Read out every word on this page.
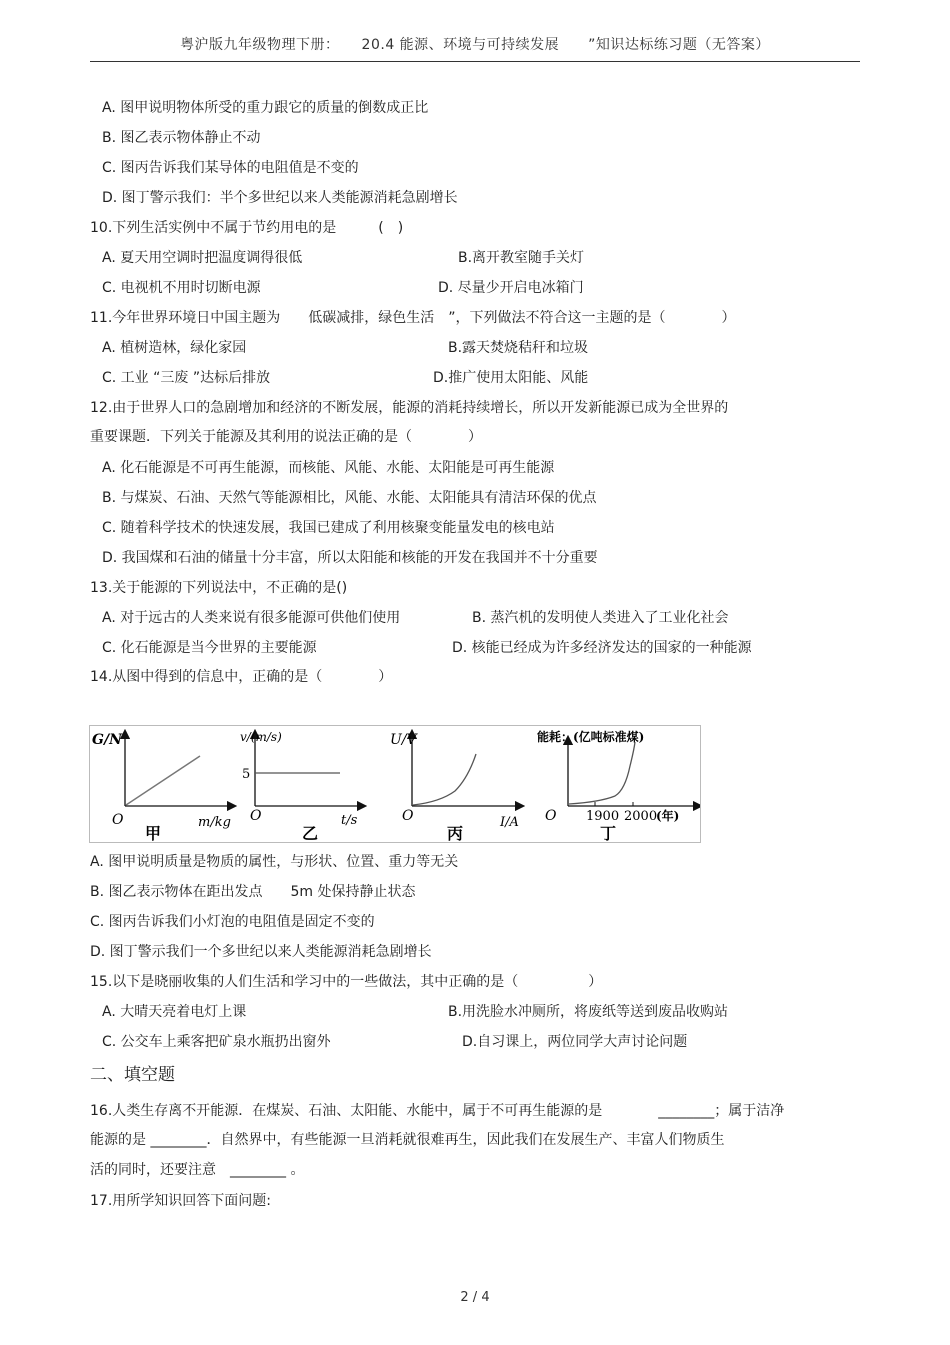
粤沪版九年级物理下册：　　20.4 能源、环境与可持续发展　　”知识达标练习题（无答案）
A. 图甲说明物体所受的重力跟它的质量的倒数成正比
B. 图乙表示物体静止不动
C. 图丙告诉我们某导体的电阻值是不变的
D. 图丁警示我们：半个多世纪以来人类能源消耗急剧增长
10.下列生活实例中不属于节约用电的是　　　(　)
A. 夏天用空调时把温度调得很低	B.离开教室随手关灯
C. 电视机不用时切断电源	D. 尽量少开启电冰箱门
11.今年世界环境日中国主题为　　低碳减排，绿色生活　”，下列做法不符合这一主题的是（　　　　）
A. 植树造林，绿化家园	B.露天焚烧秸秆和垃圾
C. 工业 “三废 ”达标后排放	D.推广使用太阳能、风能
12.由于世界人口的急剧增加和经济的不断发展，能源的消耗持续增长，所以开发新能源已成为全世界的
重要课题．下列关于能源及其利用的说法正确的是（　　　　）
A. 化石能源是不可再生能源，而核能、风能、水能、太阳能是可再生能源
B. 与煤炭、石油、天然气等能源相比，风能、水能、太阳能具有清洁环保的优点
C. 随着科学技术的快速发展，我国已建成了利用核聚变能量发电的核电站
D. 我国煤和石油的储量十分丰富，所以太阳能和核能的开发在我国并不十分重要
13.关于能源的下列说法中，不正确的是()
A. 对于远古的人类来说有很多能源可供他们使用	B. 蒸汽机的发明使人类进入了工业化社会
C. 化石能源是当今世界的主要能源	D. 核能已经成为许多经济发达的国家的一种能源
14.从图中得到的信息中，正确的是（　　　　）
G/N
O	m/kg
甲
v/(m/s)
5
O	t/s
乙
U/V
O	I/A
丙
能耗：(亿吨标准煤)
O 1900 2000
(年)
丁
A. 图甲说明质量是物质的属性，与形状、位置、重力等无关
B. 图乙表示物体在距出发点　　5m 处保持静止状态
C. 图丙告诉我们小灯泡的电阻值是固定不变的
D. 图丁警示我们一个多世纪以来人类能源消耗急剧增长
15.以下是晓丽收集的人们生活和学习中的一些做法，其中正确的是（　　　　　）
A. 大晴天亮着电灯上课	B.用洗脸水冲厕所，将废纸等送到废品收购站
C. 公交车上乘客把矿泉水瓶扔出窗外	D.自习课上，两位同学大声讨论问题
二、填空题
16.人类生存离不开能源．在煤炭、石油、太阳能、水能中，属于不可再生能源的是　　　　________；属于洁净
能源的是 ________．自然界中，有些能源一旦消耗就很难再生，因此我们在发展生产、丰富人们物质生
活的同时，还要注意　________ 。
17.用所学知识回答下面问题:
2 / 4
